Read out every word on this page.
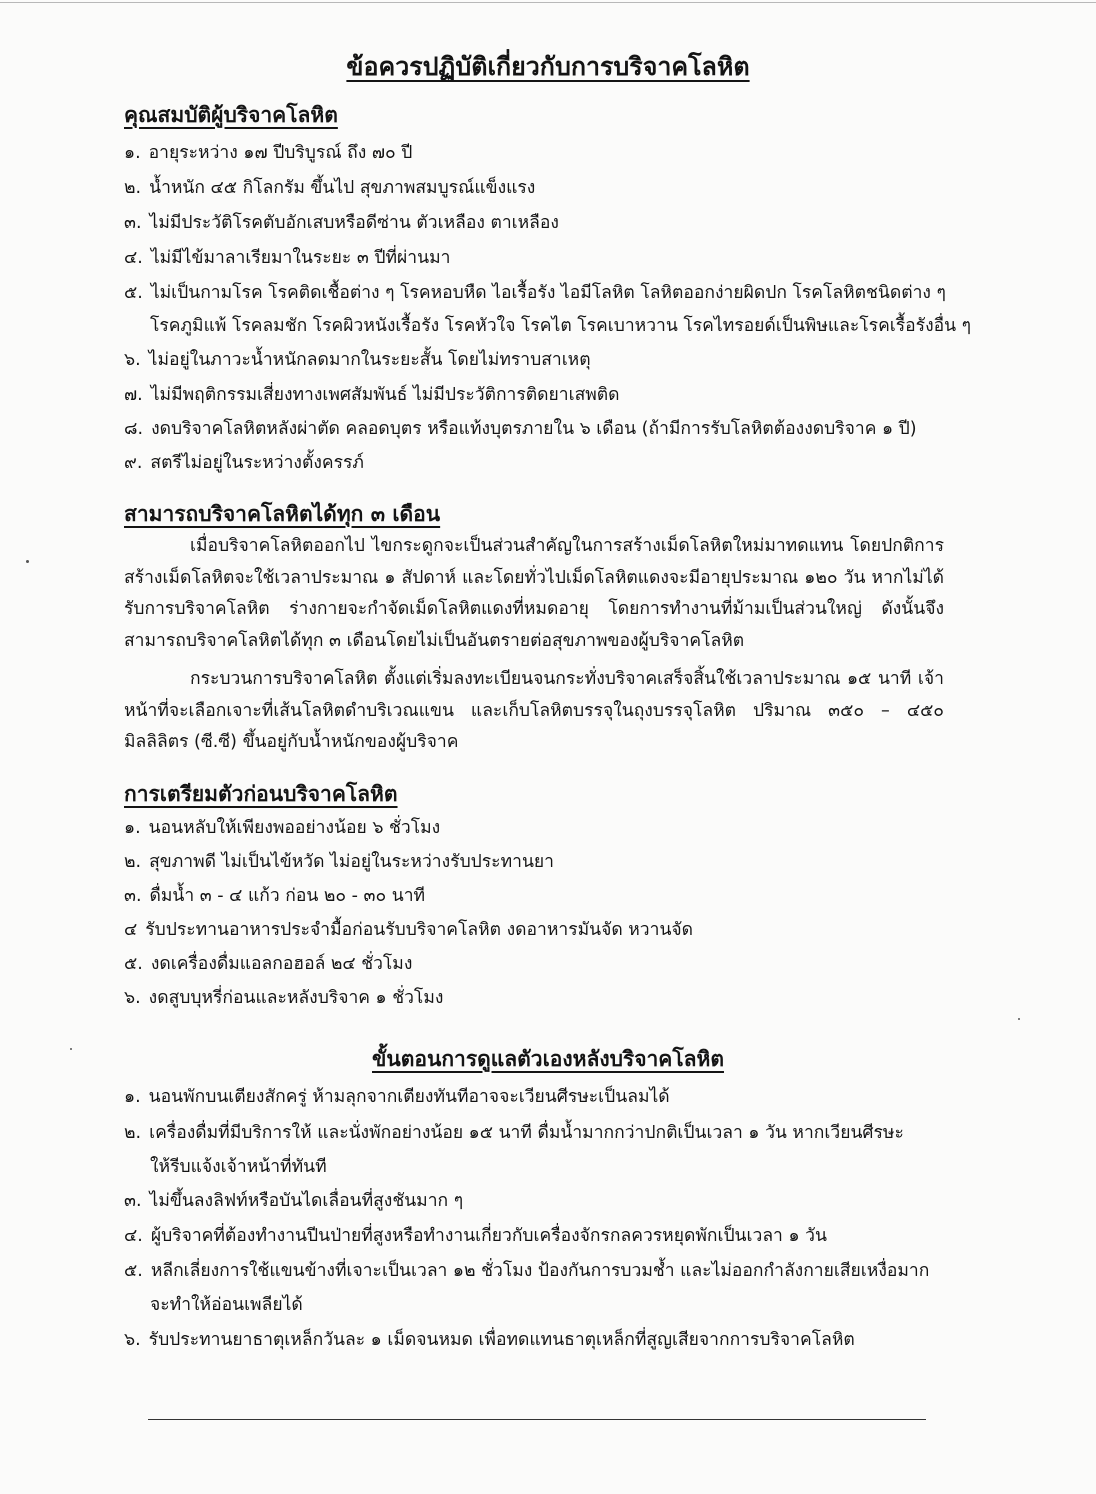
ข้อควรปฏิบัติเกี่ยวกับการบริจาคโลหิต
คุณสมบัติผู้บริจาคโลหิต

๑. อายุระหว่าง ๑๗ ปีบริบูรณ์ ถึง ๗๐ ปี

๒. น้ำหนัก ๔๕ กิโลกรัม ขึ้นไป สุขภาพสมบูรณ์แข็งแรง

๓. ไม่มีประวัติโรคตับอักเสบหรือดีซ่าน ตัวเหลือง ตาเหลือง

๔. ไม่มีไข้มาลาเรียมาในระยะ ๓ ปีที่ผ่านมา

๕. ไม่เป็นกามโรค โรคติดเชื้อต่าง ๆ โรคหอบหืด ไอเรื้อรัง ไอมีโลหิต โลหิตออกง่ายผิดปก โรคโลหิตชนิดต่าง ๆ

โรคภูมิแพ้ โรคลมชัก โรคผิวหนังเรื้อรัง โรคหัวใจ โรคไต โรคเบาหวาน โรคไทรอยด์เป็นพิษและโรคเรื้อรังอื่น ๆ

๖. ไม่อยู่ในภาวะน้ำหนักลดมากในระยะสั้น โดยไม่ทราบสาเหตุ

๗. ไม่มีพฤติกรรมเสี่ยงทางเพศสัมพันธ์ ไม่มีประวัติการติดยาเสพติด

๘. งดบริจาคโลหิตหลังผ่าตัด คลอดบุตร หรือแท้งบุตรภายใน ๖ เดือน (ถ้ามีการรับโลหิตต้องงดบริจาค ๑ ปี)

๙. สตรีไม่อยู่ในระหว่างตั้งครรภ์

สามารถบริจาคโลหิตได้ทุก ๓ เดือน

เมื่อบริจาคโลหิตออกไป ไขกระดูกจะเป็นส่วนสำคัญในการสร้างเม็ดโลหิตใหม่มาทดแทน โดยปกติการสร้างเม็ดโลหิตจะใช้เวลาประมาณ ๑ สัปดาห์ และโดยทั่วไปเม็ดโลหิตแดงจะมีอายุประมาณ ๑๒๐ วัน หากไม่ได้รับการบริจาคโลหิต ร่างกายจะกำจัดเม็ดโลหิตแดงที่หมดอายุ โดยการทำงานที่ม้ามเป็นส่วนใหญ่ ดังนั้นจึงสามารถบริจาคโลหิตได้ทุก ๓ เดือนโดยไม่เป็นอันตรายต่อสุขภาพของผู้บริจาคโลหิต

กระบวนการบริจาคโลหิต ตั้งแต่เริ่มลงทะเบียนจนกระทั่งบริจาคเสร็จสิ้นใช้เวลาประมาณ ๑๕ นาที เจ้าหน้าที่จะเลือกเจาะที่เส้นโลหิตดำบริเวณแขน และเก็บโลหิตบรรจุในถุงบรรจุโลหิต ปริมาณ ๓๕๐ – ๔๕๐ มิลลิลิตร (ซี.ซี) ขึ้นอยู่กับน้ำหนักของผู้บริจาค

การเตรียมตัวก่อนบริจาคโลหิต

๑. นอนหลับให้เพียงพออย่างน้อย ๖ ชั่วโมง

๒. สุขภาพดี ไม่เป็นไข้หวัด ไม่อยู่ในระหว่างรับประทานยา

๓. ดื่มน้ำ ๓ - ๔ แก้ว ก่อน ๒๐ - ๓๐ นาที

๔ รับประทานอาหารประจำมื้อก่อนรับบริจาคโลหิต งดอาหารมันจัด หวานจัด

๕. งดเครื่องดื่มแอลกอฮอล์ ๒๔ ชั่วโมง

๖. งดสูบบุหรี่ก่อนและหลังบริจาค ๑ ชั่วโมง

ขั้นตอนการดูแลตัวเองหลังบริจาคโลหิต

๑. นอนพักบนเตียงสักครู่ ห้ามลุกจากเตียงทันทีอาจจะเวียนศีรษะเป็นลมได้

๒. เครื่องดื่มที่มีบริการให้ และนั่งพักอย่างน้อย ๑๕ นาที ดื่มน้ำมากกว่าปกติเป็นเวลา ๑ วัน หากเวียนศีรษะ

ให้รีบแจ้งเจ้าหน้าที่ทันที

๓. ไม่ขึ้นลงลิฟท์หรือบันไดเลื่อนที่สูงชันมาก ๆ

๔. ผู้บริจาคที่ต้องทำงานปีนป่ายที่สูงหรือทำงานเกี่ยวกับเครื่องจักรกลควรหยุดพักเป็นเวลา ๑ วัน

๕. หลีกเลี่ยงการใช้แขนข้างที่เจาะเป็นเวลา ๑๒ ชั่วโมง ป้องกันการบวมช้ำ และไม่ออกกำลังกายเสียเหงื่อมาก

จะทำให้อ่อนเพลียได้

๖. รับประทานยาธาตุเหล็กวันละ ๑ เม็ดจนหมด เพื่อทดแทนธาตุเหล็กที่สูญเสียจากการบริจาคโลหิต
